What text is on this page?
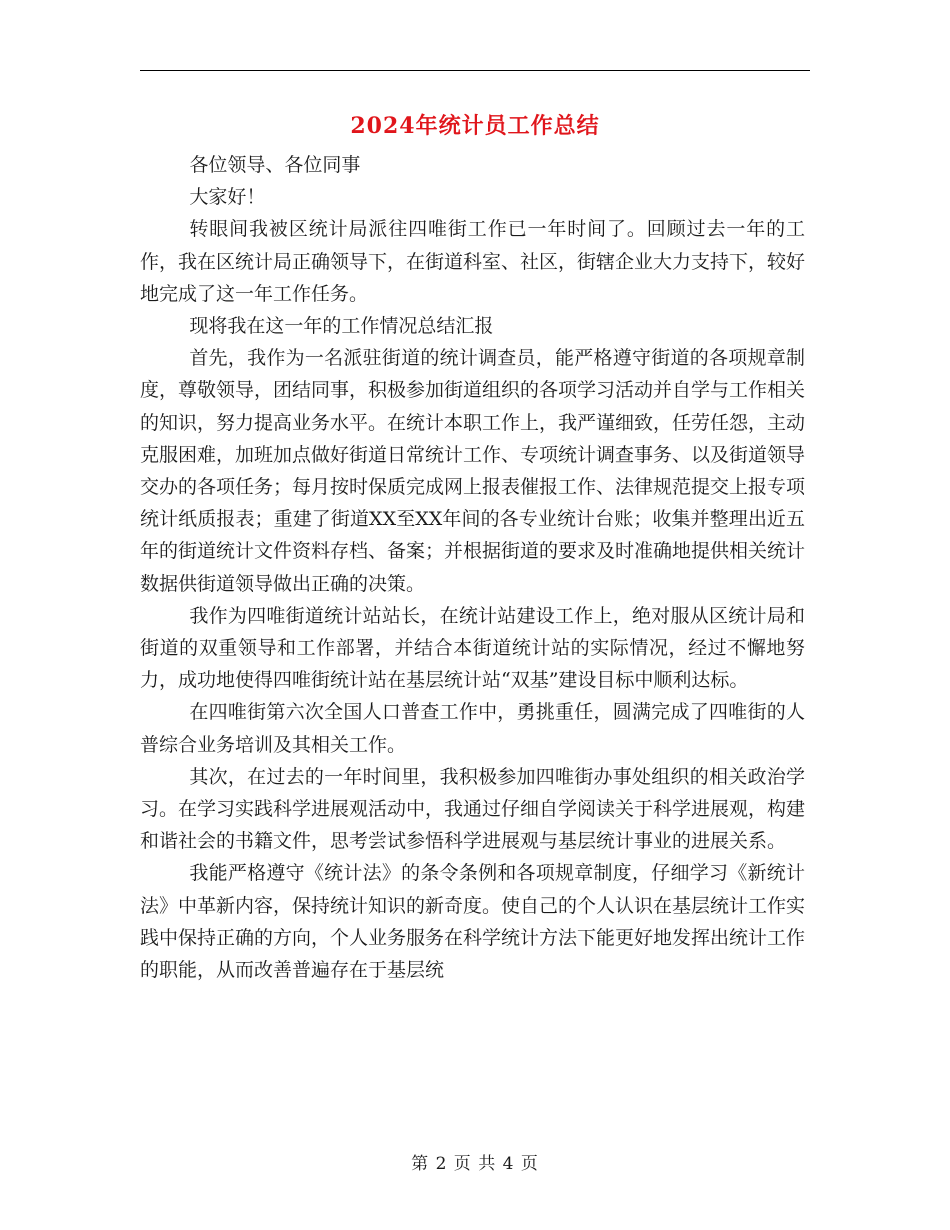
2024年统计员工作总结

各位领导、各位同事

大家好！

转眼间我被区统计局派往四唯街工作已一年时间了。回顾过去一年的工作，我在区统计局正确领导下，在街道科室、社区，街辖企业大力支持下，较好地完成了这一年工作任务。

现将我在这一年的工作情况总结汇报

首先，我作为一名派驻街道的统计调查员，能严格遵守街道的各项规章制度，尊敬领导，团结同事，积极参加街道组织的各项学习活动并自学与工作相关的知识，努力提高业务水平。在统计本职工作上，我严谨细致，任劳任怨，主动克服困难，加班加点做好街道日常统计工作、专项统计调查事务、以及街道领导交办的各项任务；每月按时保质完成网上报表催报工作、法律规范提交上报专项统计纸质报表；重建了街道XX至XX年间的各专业统计台账；收集并整理出近五年的街道统计文件资料存档、备案；并根据街道的要求及时准确地提供相关统计数据供街道领导做出正确的决策。

我作为四唯街道统计站站长，在统计站建设工作上，绝对服从区统计局和街道的双重领导和工作部署，并结合本街道统计站的实际情况，经过不懈地努力，成功地使得四唯街统计站在基层统计站“双基”建设目标中顺利达标。

在四唯街第六次全国人口普查工作中，勇挑重任，圆满完成了四唯街的人普综合业务培训及其相关工作。

其次，在过去的一年时间里，我积极参加四唯街办事处组织的相关政治学习。在学习实践科学进展观活动中，我通过仔细自学阅读关于科学进展观，构建和谐社会的书籍文件，思考尝试参悟科学进展观与基层统计事业的进展关系。

我能严格遵守《统计法》的条令条例和各项规章制度，仔细学习《新统计法》中革新内容，保持统计知识的新奇度。使自己的个人认识在基层统计工作实践中保持正确的方向，个人业务服务在科学统计方法下能更好地发挥出统计工作的职能，从而改善普遍存在于基层统

第 2 页 共 4 页
